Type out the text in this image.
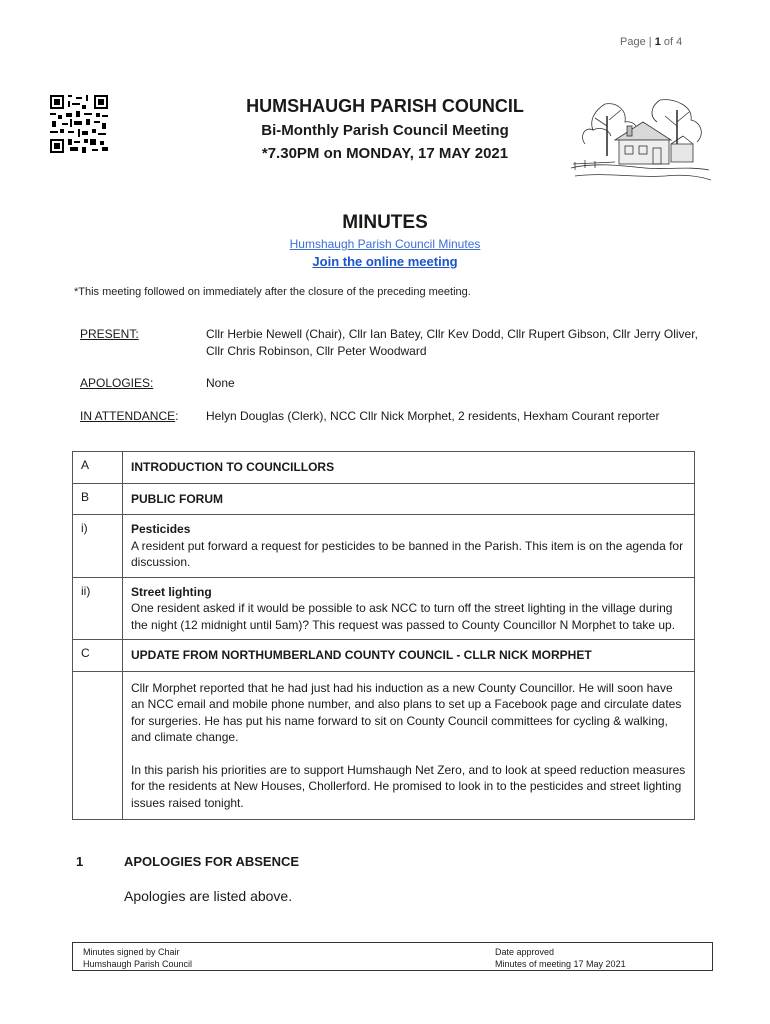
Page | 1 of 4
HUMSHAUGH PARISH COUNCIL
Bi-Monthly Parish Council Meeting
*7.30PM on MONDAY, 17 MAY 2021
MINUTES
Humshaugh Parish Council Minutes
Join the online meeting
*This meeting followed on immediately after the closure of the preceding meeting.
PRESENT:	Cllr Herbie Newell (Chair), Cllr Ian Batey, Cllr Kev Dodd, Cllr Rupert Gibson, Cllr Jerry Oliver, Cllr Chris Robinson, Cllr Peter Woodward
APOLOGIES:	None
IN ATTENDANCE: Helyn Douglas (Clerk), NCC Cllr Nick Morphet, 2 residents, Hexham Courant reporter
A	INTRODUCTION TO COUNCILLORS
B	PUBLIC FORUM
i)	Pesticides
A resident put forward a request for pesticides to be banned in the Parish. This item is on the agenda for discussion.
ii)	Street lighting
One resident asked if it would be possible to ask NCC to turn off the street lighting in the village during the night (12 midnight until 5am)? This request was passed to County Councillor N Morphet to take up.
C	UPDATE FROM NORTHUMBERLAND COUNTY COUNCIL - CLLR NICK MORPHET

Cllr Morphet reported that he had just had his induction as a new County Councillor. He will soon have an NCC email and mobile phone number, and also plans to set up a Facebook page and circulate dates for surgeries. He has put his name forward to sit on County Council committees for cycling & walking, and climate change.

In this parish his priorities are to support Humshaugh Net Zero, and to look at speed reduction measures for the residents at New Houses, Chollerford. He promised to look in to the pesticides and street lighting issues raised tonight.

1	APOLOGIES FOR ABSENCE
Apologies are listed above.
Minutes signed by Chair
Humshaugh Parish Council
Date approved
Minutes of meeting 17 May 2021
